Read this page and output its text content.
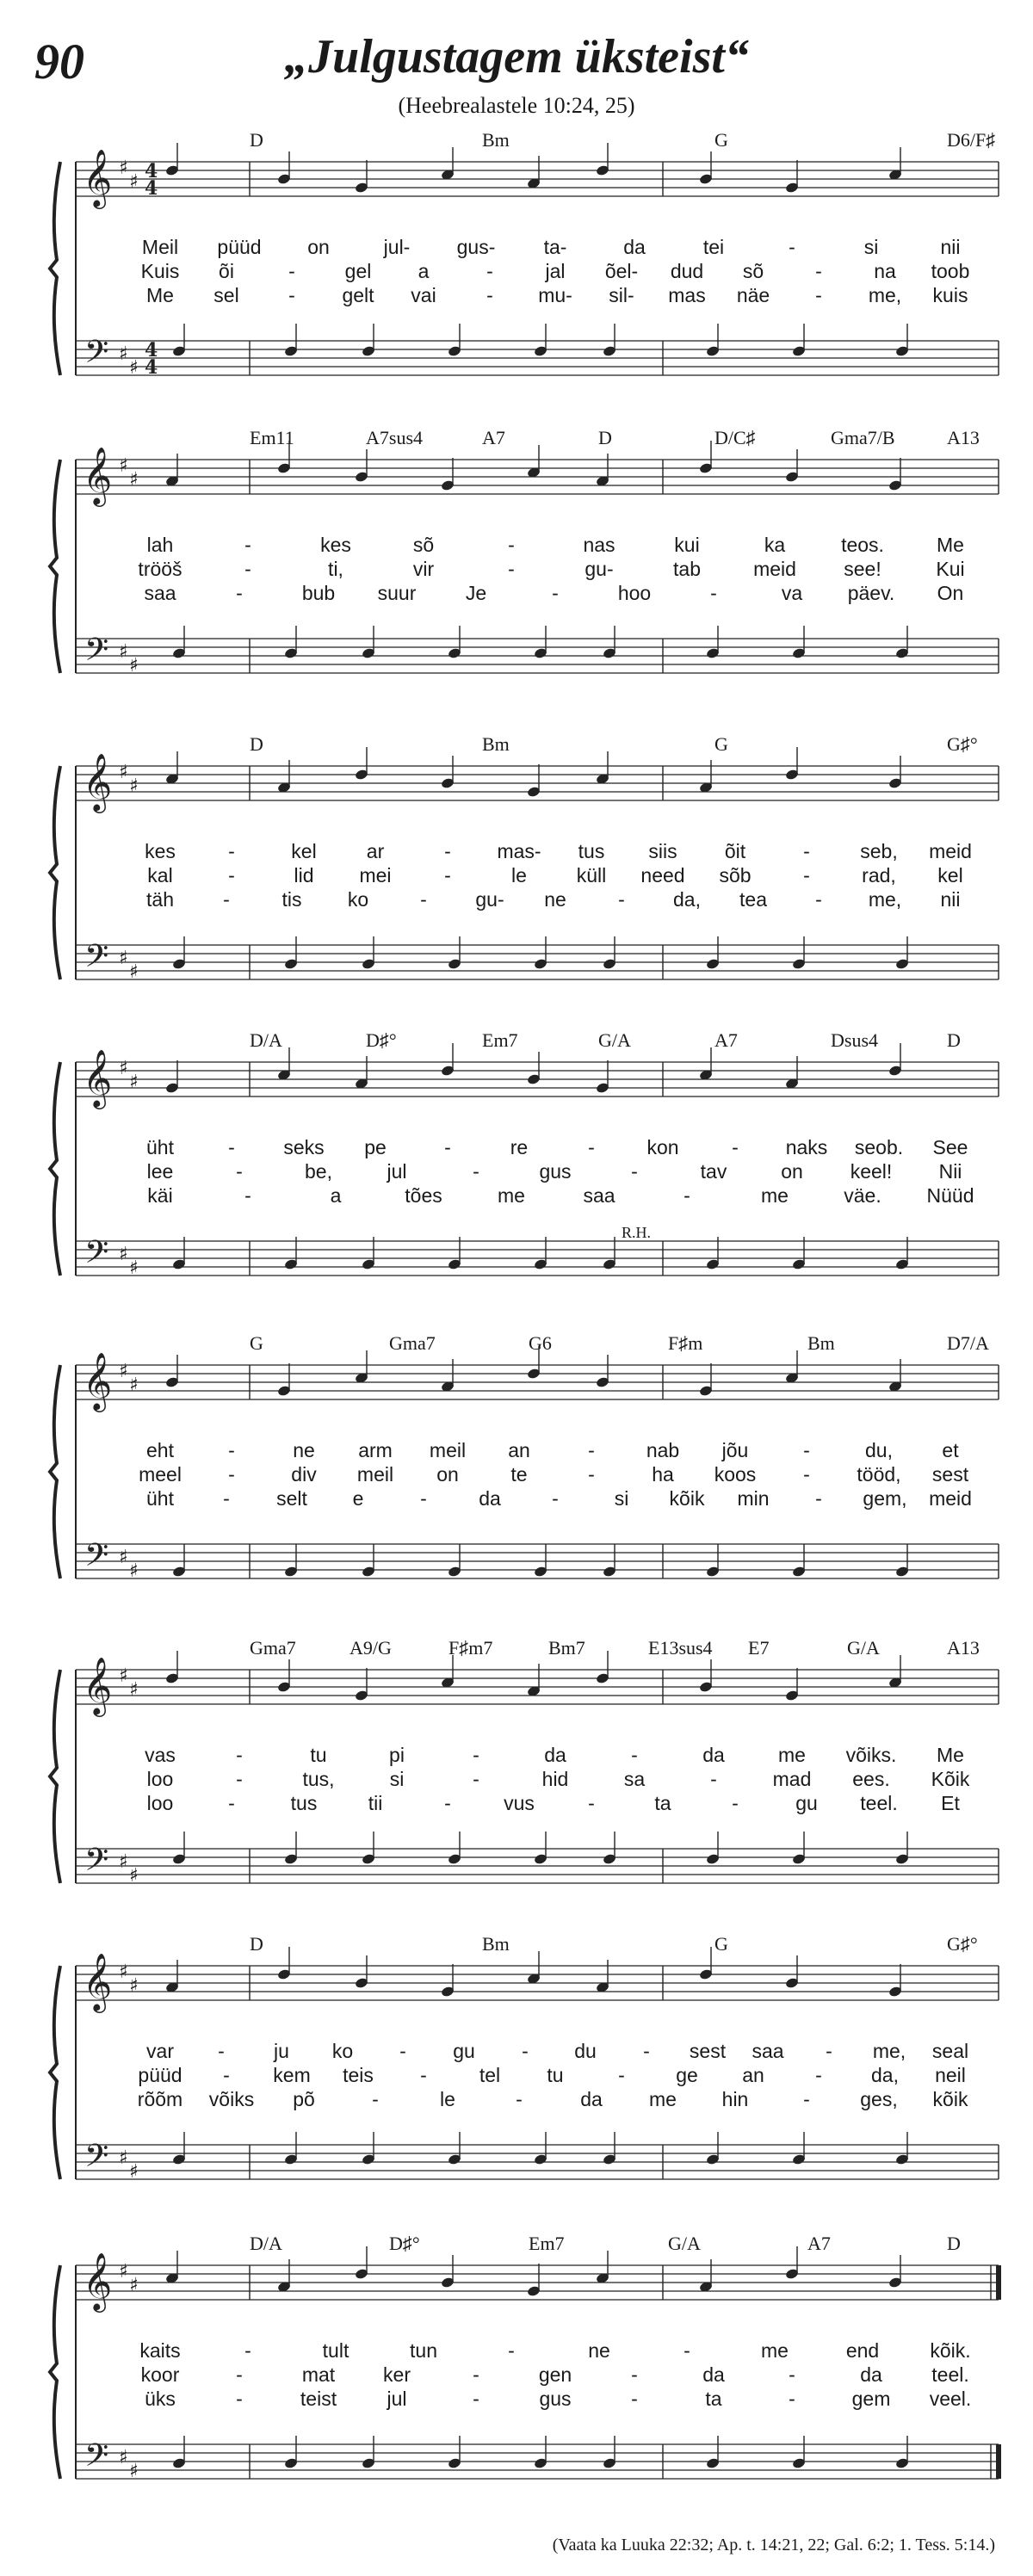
90	„Julgustagem üksteist“
(Heebrealastele 10:24, 25)
D	Bm	G	D6/F♯
𝄞
𝄢
♯
♯
♯
♯
4
4
4
4
Meil püüd on	jul- gus- ta-	da	tei	-	si	nii
Kuis õi	-	gel a	-	jal õel- dud sõ	-	na toob
Me sel - gelt vai	- mu- sil- mas näe - me, kuis
Em11	A7sus4	A7	D	D/C♯	Gma7/B	A13
𝄞
𝄢
♯
♯
♯
♯
lah	-	kes	sõ	-	nas	kui	ka	teos.	Me
trööš	-	ti,	vir	-	gu-	tab	meid see!	Kui
saa	-	bub suur Je	-	hoo	-	va päev. On
D	Bm	G	G♯°
𝄞
𝄢
♯
♯
♯
♯
kes	-	kel	ar	- mas- tus siis õit	-	seb, meid
kal	-	lid mei	-	le	küll need sõb	-	rad, kel
täh -	tis ko	- gu- ne	- da, tea - me, nii
D/A	D♯°	Em7	G/A	A7	Dsus4	D
𝄞
𝄢
♯
♯
♯
♯
R.H.
üht	- seks pe	-	re	-	kon	- naks seob. See
lee	-	be,	jul	-	gus	-	tav	on keel! Nii
käi	-	a	tões	me	saa	-	me	väe. Nüüd
G	Gma7	G6	F♯m	Bm	D7/A
𝄞
𝄢
♯
♯
♯
♯
eht	-	ne arm meil an	-	nab jõu	-	du, et
meel -	div meil on	te	-	ha koos - tööd, sest
üht - selt e	-	da	-	si kõik min - gem, meid
Gma7	A9/G	F♯m7	Bm7	E13sus4 E7	G/A	A13
𝄞
𝄢
♯
♯
♯
♯
vas	-	tu	pi	-	da	-	da	me võiks. Me
loo	-	tus,	si	-	hid	sa	-	mad ees. Kõik
loo	-	tus	tii	-	vus	-	ta	-	gu teel. Et
D	Bm	G	G♯°
𝄞
𝄢
♯
♯
♯
♯
var - ju ko - gu - du - sest saa - me, seal
püüd - kem teis -	tel tu	-	ge an	- da, neil
rõõm võiks põ	-	le	-	da me hin	-	ges, kõik
D/A	D♯°	Em7	G/A	A7	D
𝄞
𝄢
♯
♯
♯
♯
kaits	-	tult	tun	-	ne	-	me	end	kõik.
koor	-	mat ker	-	gen	-	da	-	da teel.
üks	-	teist	jul	-	gus	-	ta	-	gem veel.
(Vaata ka Luuka 22:32; Ap. t. 14:21, 22; Gal. 6:2; 1. Tess. 5:14.)
